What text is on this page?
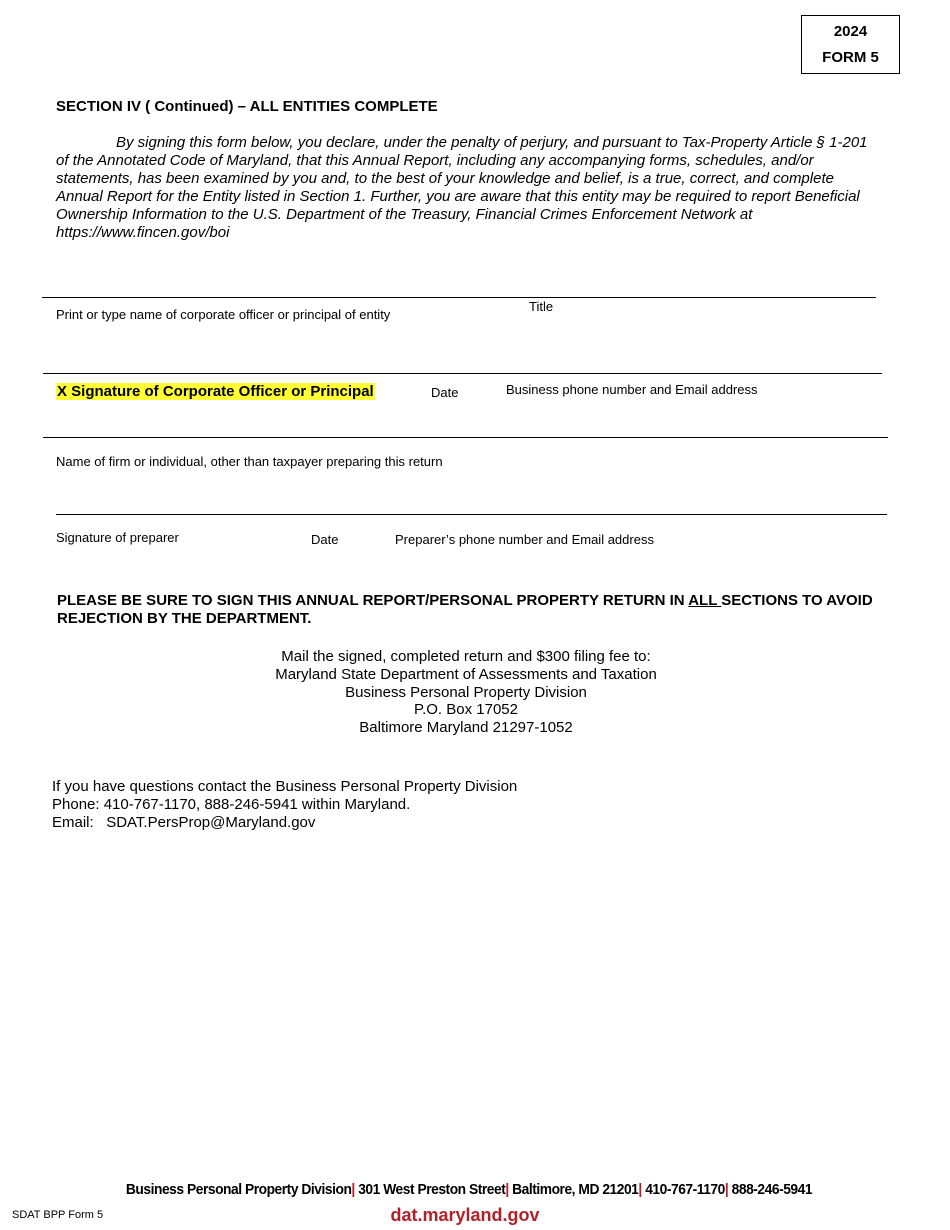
2024
FORM 5
SECTION IV ( Continued) – ALL ENTITIES COMPLETE
By signing this form below, you declare, under the penalty of perjury, and pursuant to Tax-Property Article § 1-201 of the Annotated Code of Maryland, that this Annual Report, including any accompanying forms, schedules, and/or statements, has been examined by you and, to the best of your knowledge and belief, is a true, correct, and complete Annual Report for the Entity listed in Section 1. Further, you are aware that this entity may be required to report Beneficial Ownership Information to the U.S. Department of the Treasury, Financial Crimes Enforcement Network at https://www.fincen.gov/boi
Print or type name of corporate officer or principal of entity
Title
X Signature of Corporate Officer or Principal	Date	Business phone number and Email address
Name of firm or individual, other than taxpayer preparing this return
Signature of preparer	Date	Preparer’s phone number and Email address
PLEASE BE SURE TO SIGN THIS ANNUAL REPORT/PERSONAL PROPERTY RETURN IN ALL SECTIONS TO AVOID REJECTION BY THE DEPARTMENT.
Mail the signed, completed return and $300 filing fee to:
Maryland State Department of Assessments and Taxation
Business Personal Property Division
P.O. Box 17052
Baltimore Maryland 21297-1052
If you have questions contact the Business Personal Property Division
Phone: 410-767-1170, 888-246-5941 within Maryland.
Email: SDAT.PersProp@Maryland.gov
Business Personal Property Division| 301 West Preston Street| Baltimore, MD 21201| 410-767-1170| 888-246-5941
dat.maryland.gov
SDAT BPP Form 5
